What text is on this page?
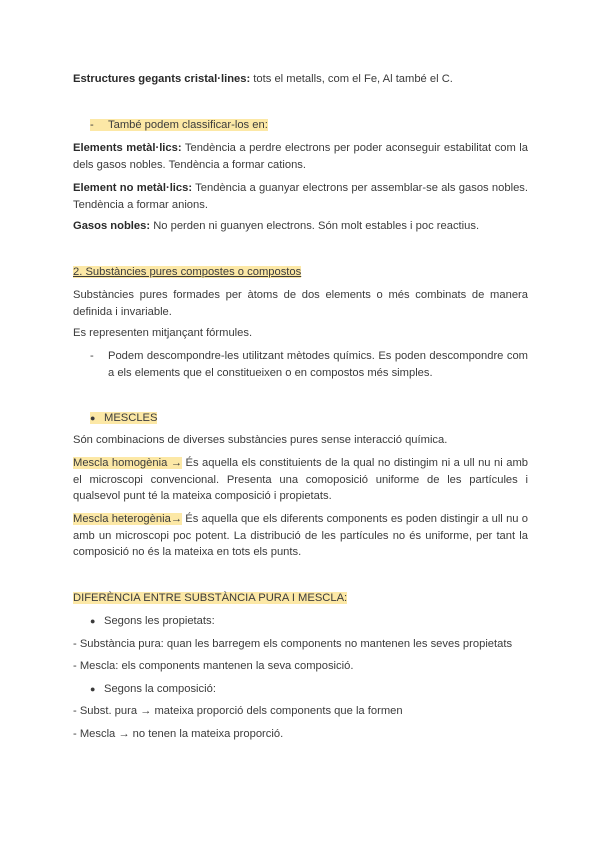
Estructures gegants cristal·lines: tots el metalls, com el Fe, Al també el C.

- També podem classificar-los en:

Elements metàl·lics: Tendència a perdre electrons per poder aconseguir estabilitat com la dels gasos nobles. Tendència a formar cations.

Element no metàl·lics: Tendència a guanyar electrons per assemblar-se als gasos nobles. Tendència a formar anions.

Gasos nobles: No perden ni guanyen electrons. Són molt estables i poc reactius.

2. Substàncies pures compostes o compostos

Substàncies pures formades per àtoms de dos elements o més combinats de manera definida i invariable.

Es representen mitjançant fórmules.

- Podem descompondre-les utilitzant mètodes químics. Es poden descompondre com a els elements que el constitueixen o en compostos més simples.

● MESCLES

Són combinacions de diverses substàncies pures sense interacció química.

Mescla homogènia → És aquella els constituients de la qual no distingim ni a ull nu ni amb el microscopi convencional. Presenta una comoposició uniforme de les partícules i qualsevol punt té la mateixa composició i propietats.

Mescla heterogènia→ És aquella que els diferents components es poden distingir a ull nu o amb un microscopi poc potent. La distribució de les partícules no és uniforme, per tant la composició no és la mateixa en tots els punts.

DIFERÈNCIA ENTRE SUBSTÀNCIA PURA I MESCLA:

● Segons les propietats:

- Substància pura: quan les barregem els components no mantenen les seves propietats

- Mescla: els components mantenen la seva composició.

● Segons la composició:

- Subst. pura → mateixa proporció dels components que la formen

- Mescla → no tenen la mateixa proporció.
